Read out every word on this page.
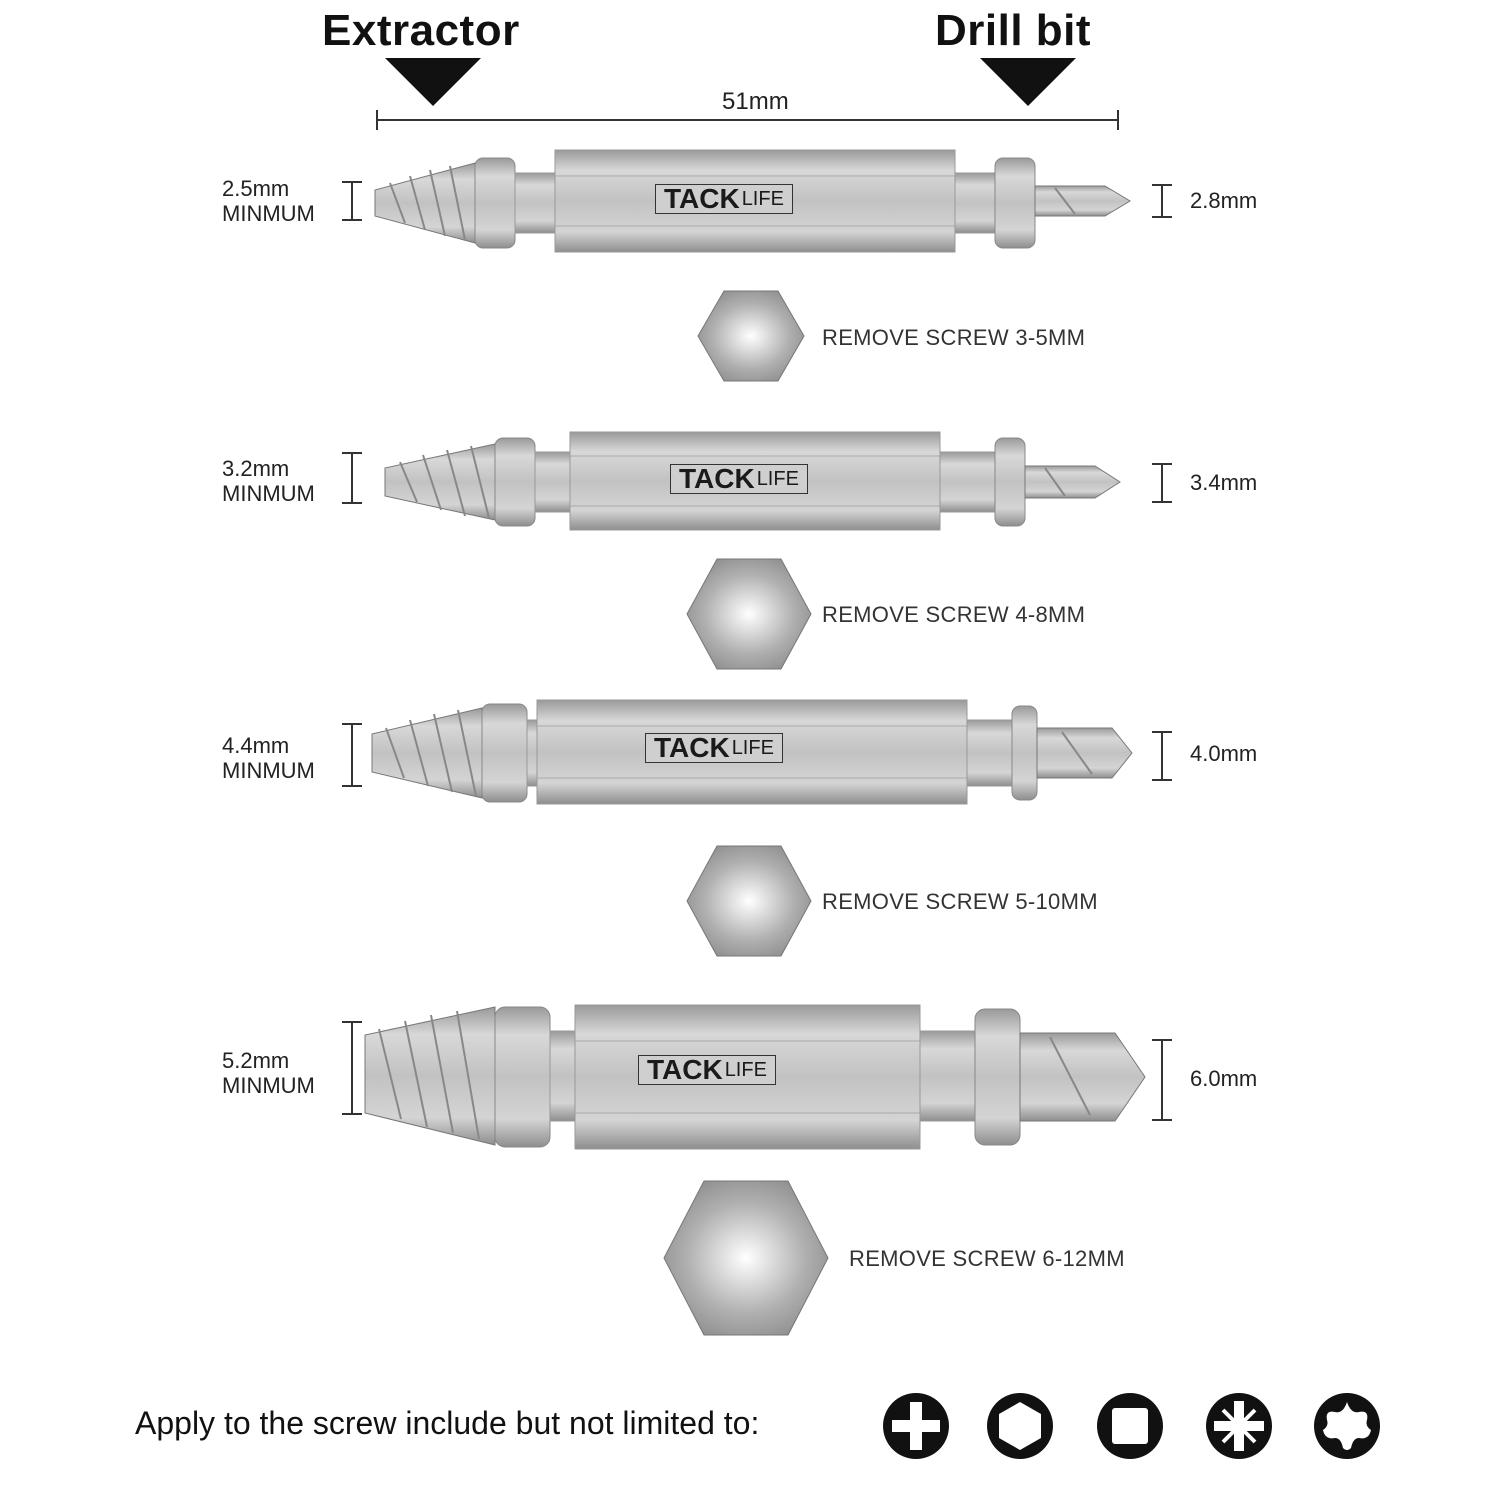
Extractor	Drill bit
51mm
2.5mm
MINMUM	TACK LIFE	2.8mm
REMOVE SCREW 3-5MM
3.2mm
MINMUM	TACK LIFE	3.4mm
REMOVE SCREW 4-8MM
4.4mm
MINMUM
TACK LIFE	4.0mm
REMOVE SCREW 5-10MM
5.2mm
MINMUM
TACK LIFE	6.0mm
REMOVE SCREW 6-12MM
Apply to the screw include but not limited to:
